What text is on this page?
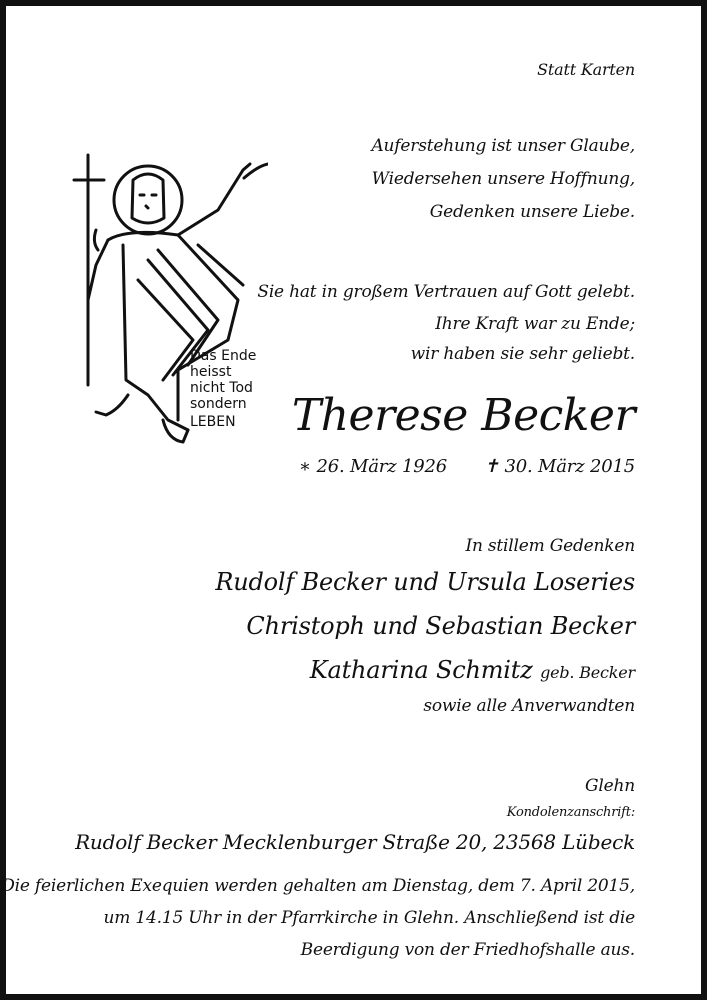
Statt Karten
Auferstehung ist unser Glaube,
Wiedersehen unsere Hoffnung,
Gedenken unsere Liebe.
Das Ende
heisst
nicht Tod
sondern
LEBEN
Sie hat in großem Vertrauen auf Gott gelebt.
Ihre Kraft war zu Ende;
wir haben sie sehr geliebt.
Therese Becker
∗ 26. März 1926 ✝ 30. März 2015
In stillem Gedenken
Rudolf Becker und Ursula Loseries
Christoph und Sebastian Becker
Katharina Schmitz geb. Becker
sowie alle Anverwandten
Glehn
Kondolenzanschrift:
Rudolf Becker Mecklenburger Straße 20, 23568 Lübeck
Die feierlichen Exequien werden gehalten am Dienstag, dem 7. April 2015,
um 14.15 Uhr in der Pfarrkirche in Glehn. Anschließend ist die
Beerdigung von der Friedhofshalle aus.
